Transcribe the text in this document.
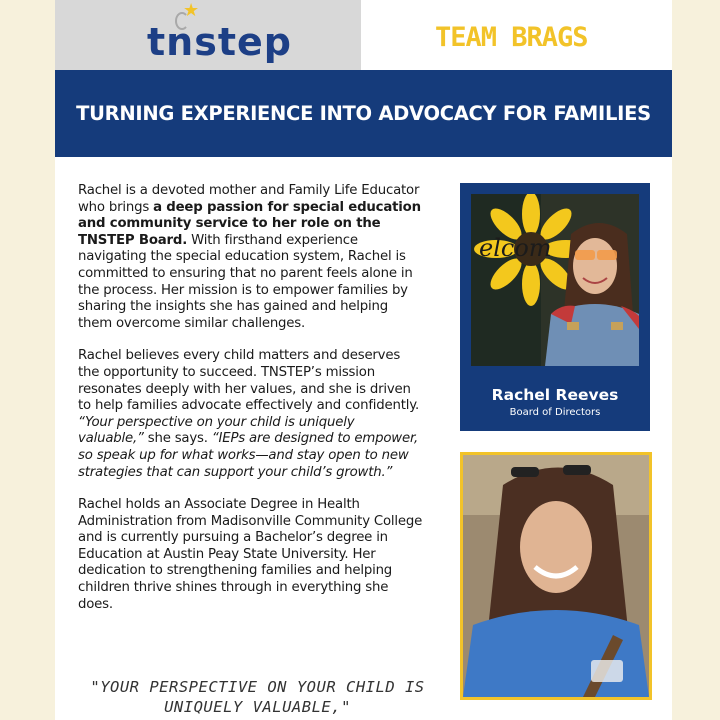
★
tnstep	TEAM BRAGS
TURNING EXPERIENCE INTO ADVOCACY FOR FAMILIES

Rachel is a devoted mother and Family Life Educator who brings a deep passion for special education and community service to her role on the TNSTEP Board. With firsthand experience navigating the special education system, Rachel is committed to ensuring that no parent feels alone in the process. Her mission is to empower families by sharing the insights she has gained and helping them overcome similar challenges.

Rachel believes every child matters and deserves the opportunity to succeed. TNSTEP’s mission resonates deeply with her values, and she is driven to help families advocate effectively and confidently. “Your perspective on your child is uniquely valuable,” she says. “IEPs are designed to empower, so speak up for what works—and stay open to new strategies that can support your child’s growth.”

Rachel holds an Associate Degree in Health Administration from Madisonville Community College and is currently pursuing a Bachelor’s degree in Education at Austin Peay State University. Her dedication to strengthening families and helping children thrive shines through in everything she does.

"YOUR PERSPECTIVE ON YOUR CHILD IS
UNIQUELY VALUABLE,"
elcom
Rachel Reeves
Board of Directors
